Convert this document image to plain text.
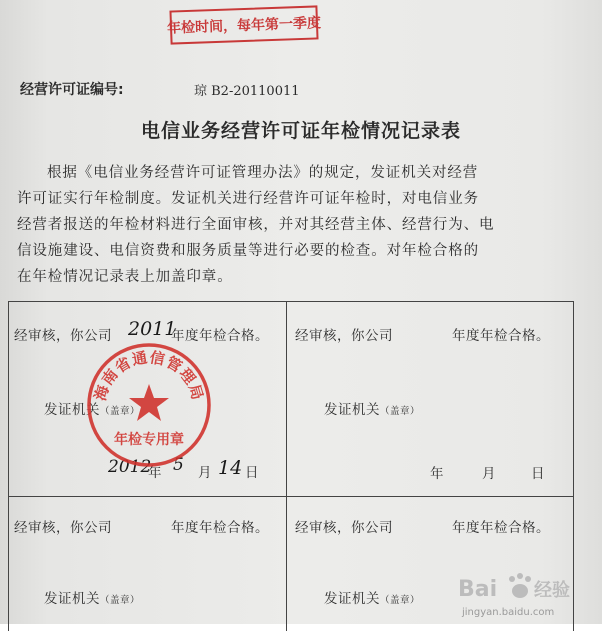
年检时间，每年第一季度
经营许可证编号:	琼 B2-20110011
电信业务经营许可证年检情况记录表
根据《电信业务经营许可证管理办法》的规定，发证机关对经营
许可证实行年检制度。发证机关进行经营许可证年检时，对电信业务
经营者报送的年检材料进行全面审核，并对其经营主体、经营行为、电
信设施建设、电信资费和服务质量等进行必要的检查。对年检合格的
在年检情况记录表上加盖印章。
经审核，你公司	年度年检合格。
2011
发证机关（盖章）
2012
年 5 月 14 日
经审核，你公司	年度年检合格。
发证机关（盖章）
年	月	日
经审核，你公司	年度年检合格。
发证机关（盖章）
经审核，你公司	年度年检合格。
发证机关（盖章）
海南省通信管理局
年检专用章
Bai 经验
jingyan.baidu.com
